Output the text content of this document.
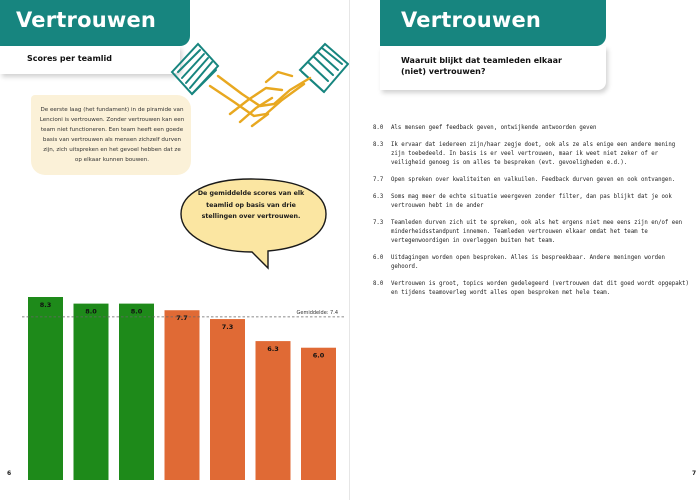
Vertrouwen
Scores per teamlid

De eerste laag (het fundament) in de piramide van Lencioni is vertrouwen. Zonder vertrouwen kan een team niet functioneren. Een team heeft een goede basis van vertrouwen als mensen zichzelf durven zijn, zich uitspreken en het gevoel hebben dat ze op elkaar kunnen bouwen.

De gemiddelde scores van elk teamlid op basis van drie stellingen over vertrouwen.
8.3
8.0	8.0
7.7
7.3
6.3
6.0
Gemiddelde: 7.4
6
Vertrouwen
Waaruit blijkt dat teamleden elkaar (niet) vertrouwen?
7
8.0 Als mensen geef feedback geven, ontwijkende antwoorden geven
8.3 Ik ervaar dat iedereen zijn/haar zegje doet, ook als ze als enige een andere mening zijn toebedeeld. In basis is er veel vertrouwen, maar ik weet niet zeker of er veiligheid genoeg is om alles te bespreken (evt. gevoeligheden e.d.).
7.7 Open spreken over kwaliteiten en valkuilen. Feedback durven geven en ook ontvangen.
6.3 Soms mag meer de echte situatie weergeven zonder filter, dan pas blijkt dat je ook vertrouwen hebt in de ander
7.3 Teamleden durven zich uit te spreken, ook als het ergens niet mee eens zijn en/of een minderheidsstandpunt innemen. Teamleden vertrouwen elkaar omdat het team te vertegenwoordigen in overleggen buiten het team.
6.0 Uitdagingen worden open besproken. Alles is bespreekbaar. Andere meningen worden gehoord.
8.0 Vertrouwen is groot, topics worden gedelegeerd (vertrouwen dat dit goed wordt opgepakt) en tijdens teamoverleg wordt alles open besproken met hele team.
